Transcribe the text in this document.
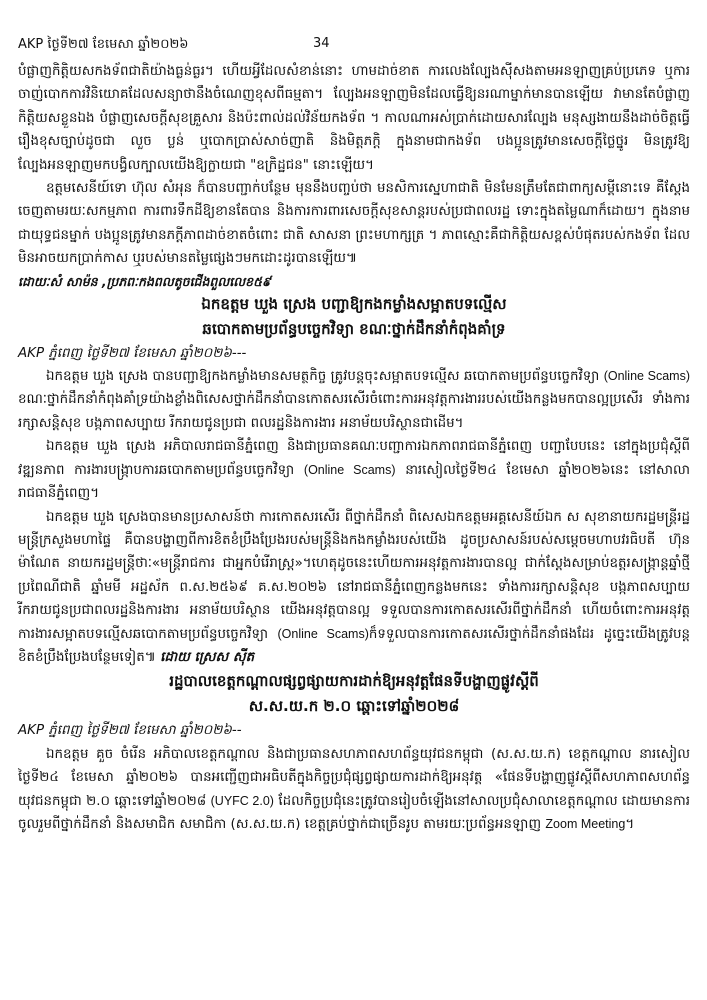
AKP ថ្ងៃទី២៧ ខែមេសា ឆ្នាំ២០២៦	34

បំផ្លាញកិត្តិយសកងទ័ពជាតិយ៉ាងធ្ងន់ធ្ងរ។ ហើយអ្វីដែលសំខាន់នោះ ហាមដាច់ខាត ការលេងល្បែងស៊ីសងតាមអនឡាញគ្រប់ប្រភេទ ឬការចាញ់បោកការវិនិយោគដែលសន្យាថានឹងចំណេញខុសពីធម្មតា។ ល្បែងអនឡាញមិនដែលធ្វើឱ្យនរណាម្នាក់មានបានឡើយ វាមានតែបំផ្លាញកិត្តិយសខ្លួនឯង បំផ្លាញសេចក្តីសុខគ្រួសារ និងប៉ះពាល់ដល់វិន័យកងទ័ព ។ កាលណាអស់ប្រាក់ដោយសារល្បែង មនុស្សងាយនឹងដាច់ចិត្តធ្វើរឿងខុសច្បាប់ដូចជា លួច ប្លន់ ឬបោកប្រាស់សាច់ញាតិ និងមិត្តភក្តិ ក្នុងនាមជាកងទ័ព បងប្អូនត្រូវមានសេចក្តីថ្លៃថ្នូរ មិនត្រូវឱ្យល្បែងអនឡាញមកបង្វិលក្បាលយើងឱ្យក្លាយជា "ឧក្រិដ្ឋជន" នោះឡើយ។

ឧត្តមសេនីយ៍ទោ ហ៊ុល សំអុន ក៏បានបញ្ជាក់បន្ថែម មុននឹងបញ្ចប់ថា មនសិការស្នេហាជាតិ មិនមែនត្រឹមតែជាពាក្យសម្ដីនោះទេ គឺស្ដែងចេញតាមរយៈសកម្មភាព ការពារទឹកដីឱ្យខានតែបាន និងការការពារសេចក្តីសុខសាន្តរបស់ប្រជាពលរដ្ឋ ទោះក្នុងតម្លៃណាក៏ដោយ។ ក្នុងនាមជាយុទ្ធជនម្នាក់ បងប្អូនត្រូវមានភក្តីភាពដាច់ខាតចំពោះ ជាតិ សាសនា ព្រះមហាក្សត្រ ។ ភាពស្មោះគឺជាកិត្តិយសខ្ពស់បំផុតរបស់កងទ័ព ដែលមិនអាចយកប្រាក់កាស ឬរបស់មានតម្លៃផ្សេងៗមកដោះដូរបានឡើយ៕

ដោយៈសំ សាម៉ន ,ប្រភពៈកងពលតូចជើងពួលលេខ៥៩

ឯកឧត្តម ឃួង ស្រេង បញ្ជាឱ្យកងកម្លាំងសម្អាតបទល្មើស

ឆបោកតាមប្រព័ន្ធបច្ចេកវិទ្យា ខណៈថ្នាក់ដឹកនាំកំពុងគាំទ្រ

AKP ភ្នំពេញ ថ្ងៃទី២៧ ខែមេសា ឆ្នាំ២០២៦---

ឯកឧត្តម ឃួង ស្រេង បានបញ្ជាឱ្យកងកម្លាំងមានសមត្ថកិច្ច ត្រូវបន្តចុះសម្អាតបទល្មើស ឆបោកតាមប្រព័ន្ធបច្ចេកវិទ្យា (Online Scams) ខណៈថ្នាក់ដឹកនាំកំពុងគាំទ្រយ៉ាងខ្លាំងពិសេសថ្នាក់ដឹកនាំបានកោតសរសើរចំពោះការអនុវត្តការងាររបស់យើងកន្លងមកបានល្អប្រសើរ ទាំងការរក្សាសន្តិសុខ បង្កភាពសប្បាយ រីករាយជូនប្រជា ពលរដ្ឋនិងការងារ អនាម័យបរិស្ថានជាដើម។

ឯកឧត្តម ឃួង ស្រេង អភិបាលរាជធានីភ្នំពេញ និងជាប្រធានគណៈបញ្ជាការឯកភាពរាជធានីភ្នំពេញ បញ្ជាបែបនេះ នៅក្នុងប្រជុំស្ដីពីវឌ្ឍនភាព ការងារបង្ក្រាបការឆបោកតាមប្រព័ន្ធបច្ចេកវិទ្យា (Online Scams) នារសៀលថ្ងៃទី២៤ ខែមេសា ឆ្នាំ២០២៦នេះ នៅសាលារាជធានីភ្នំពេញ។

ឯកឧត្តម ឃួង ស្រេងបានមានប្រសាសន៍ថា ការកោតសរសើរ ពីថ្នាក់ដឹកនាំ ពិសេសឯកឧត្តមអគ្គសេនីយ៍ឯក ស សុខានាយករដ្ឋមន្រ្តីរដ្ឋមន្ត្រីក្រសួងមហាផ្ទៃ គឺបានបង្ហាញពីការខិតខំប្រឹងប្រែងរបស់មន្ត្រីនិងកងកម្លាំងរបស់យើង ដូចប្រសាសន៍របស់សម្តេចមហាបវរធិបតី ហ៊ុន ម៉ាណែត នាយករដ្ឋមន្ត្រីថាៈ«មន្ត្រីរាជការ ជាអ្នកបំរើរាស្ត្រ»។ហេតុដូចនេះហើយការអនុវត្តការងារបានល្អ ជាក់ស្ដែងសម្រាប់ឧត្តរសង្ក្រាន្តឆ្នាំថ្មី ប្រពៃណីជាតិ ឆ្នាំមមី អដ្ឋស័ក ព.ស.២៥៦៩ គ.ស.២០២៦ នៅរាជធានីភ្នំពេញកន្លងមកនេះ ទាំងការរក្សាសន្តិសុខ បង្កភាពសប្បាយ រីករាយជូនប្រជាពលរដ្ឋនិងការងារ អនាម័យបរិស្ថាន យើងអនុវត្តបានល្អ ទទួលបានការកោតសរសើរពីថ្នាក់ដឹកនាំ ហើយចំពោះការអនុវត្តការងារសម្អាតបទល្មើសឆបោកតាមប្រព័ន្ធបច្ចេកវិទ្យា (Online Scams)ក៏ទទួលបានការកោតសរសើរថ្នាក់ដឹកនាំផងដែរ ដូច្នេះយើងត្រូវបន្តខិតខំប្រឹងប្រែងបន្ថែមទៀត៕ ដោយ ស្រេស ស៊ីត

រដ្ឋបាលខេត្តកណ្តាលផ្សព្វផ្សាយការដាក់ឱ្យអនុវត្តផែនទីបង្ហាញផ្លូវស្តីពី

ស.ស.យ.ក ២.០ ឆ្ពោះទៅឆ្នាំ២០២៨

AKP ភ្នំពេញ ថ្ងៃទី២៧ ខែមេសា ឆ្នាំ២០២៦--

ឯកឧត្តម គួច ចំរើន អភិបាលខេត្តកណ្តាល និងជាប្រធានសហភាពសហព័ន្ធយុវជនកម្ពុជា (ស.ស.យ.ក) ខេត្តកណ្តាល នារសៀលថ្ងៃទី២៤ ខែមេសា ឆ្នាំ២០២៦ បានអញ្ជើញជាអធិបតីក្នុងកិច្ចប្រជុំផ្សព្វផ្សាយការដាក់ឱ្យអនុវត្ត «ផែនទីបង្ហាញផ្លូវស្តីពីសហភាពសហព័ន្ធយុវជនកម្ពុជា ២.០ ឆ្ពោះទៅឆ្នាំ២០២៨ (UYFC 2.0) ដែលកិច្ចប្រជុំនេះត្រូវបានរៀបចំឡើងនៅសាលប្រជុំសាលាខេត្តកណ្តាល ដោយមានការចូលរួមពីថ្នាក់ដឹកនាំ និងសមាជិក សមាជិកា (ស.ស.យ.ក) ខេត្តគ្រប់ថ្នាក់ជាច្រើនរូប តាមរយៈប្រព័ន្ធអនឡាញ Zoom Meeting។
